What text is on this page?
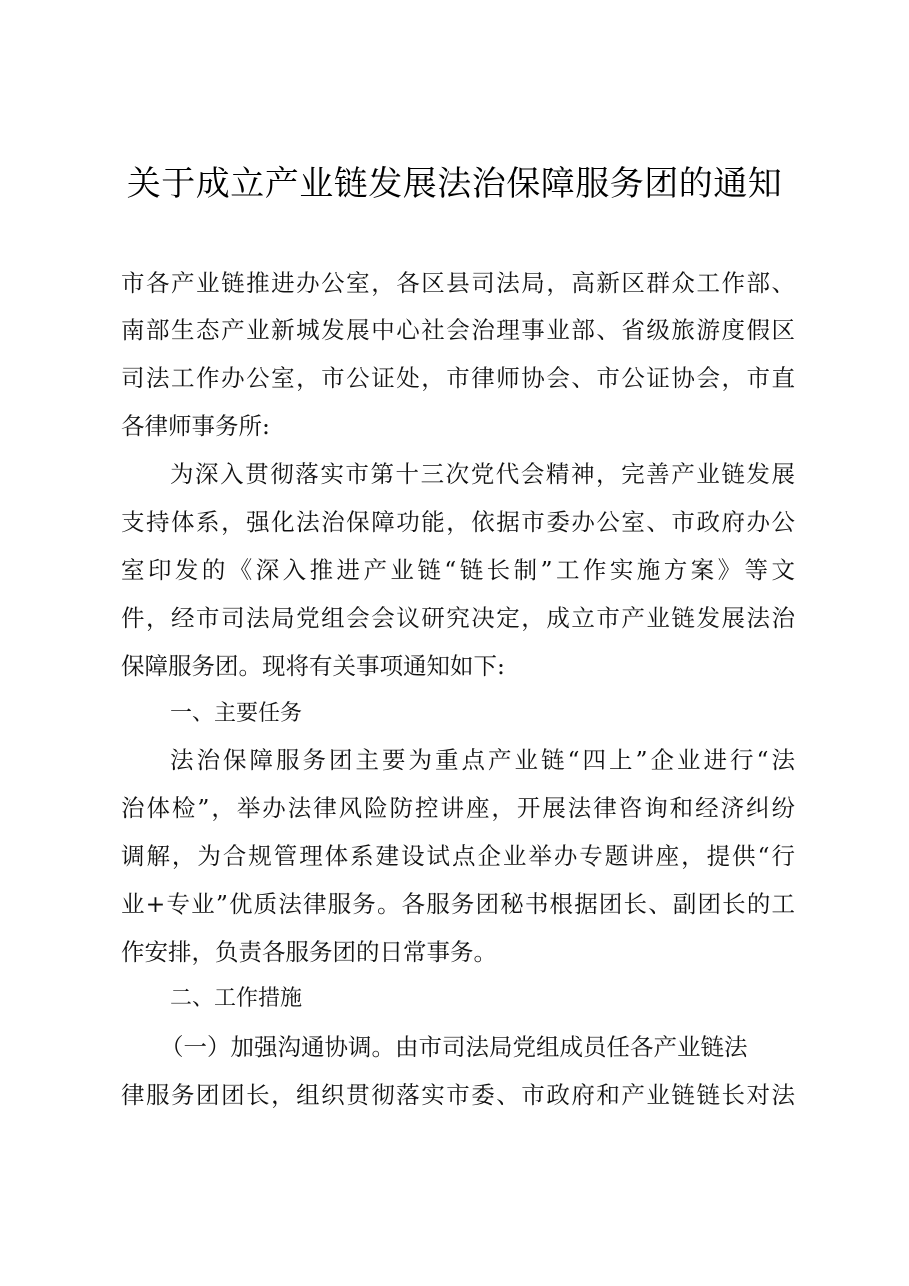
关于成立产业链发展法治保障服务团的通知
市各产业链推进办公室，各区县司法局，高新区群众工作部、
南部生态产业新城发展中心社会治理事业部、省级旅游度假区
司法工作办公室，市公证处，市律师协会、市公证协会，市直
各律师事务所:
为深入贯彻落实市第十三次党代会精神，完善产业链发展
支持体系，强化法治保障功能，依据市委办公室、市政府办公
室印发的《深入推进产业链“链长制”工作实施方案》等文
件，经市司法局党组会会议研究决定，成立市产业链发展法治
保障服务团。现将有关事项通知如下:
一、主要任务
法治保障服务团主要为重点产业链“四上”企业进行“法
治体检”，举办法律风险防控讲座，开展法律咨询和经济纠纷
调解，为合规管理体系建设试点企业举办专题讲座，提供“行
业+专业”优质法律服务。各服务团秘书根据团长、副团长的工
作安排，负责各服务团的日常事务。
二、工作措施
（一）加强沟通协调。由市司法局党组成员任各产业链法
律服务团团长，组织贯彻落实市委、市政府和产业链链长对法
